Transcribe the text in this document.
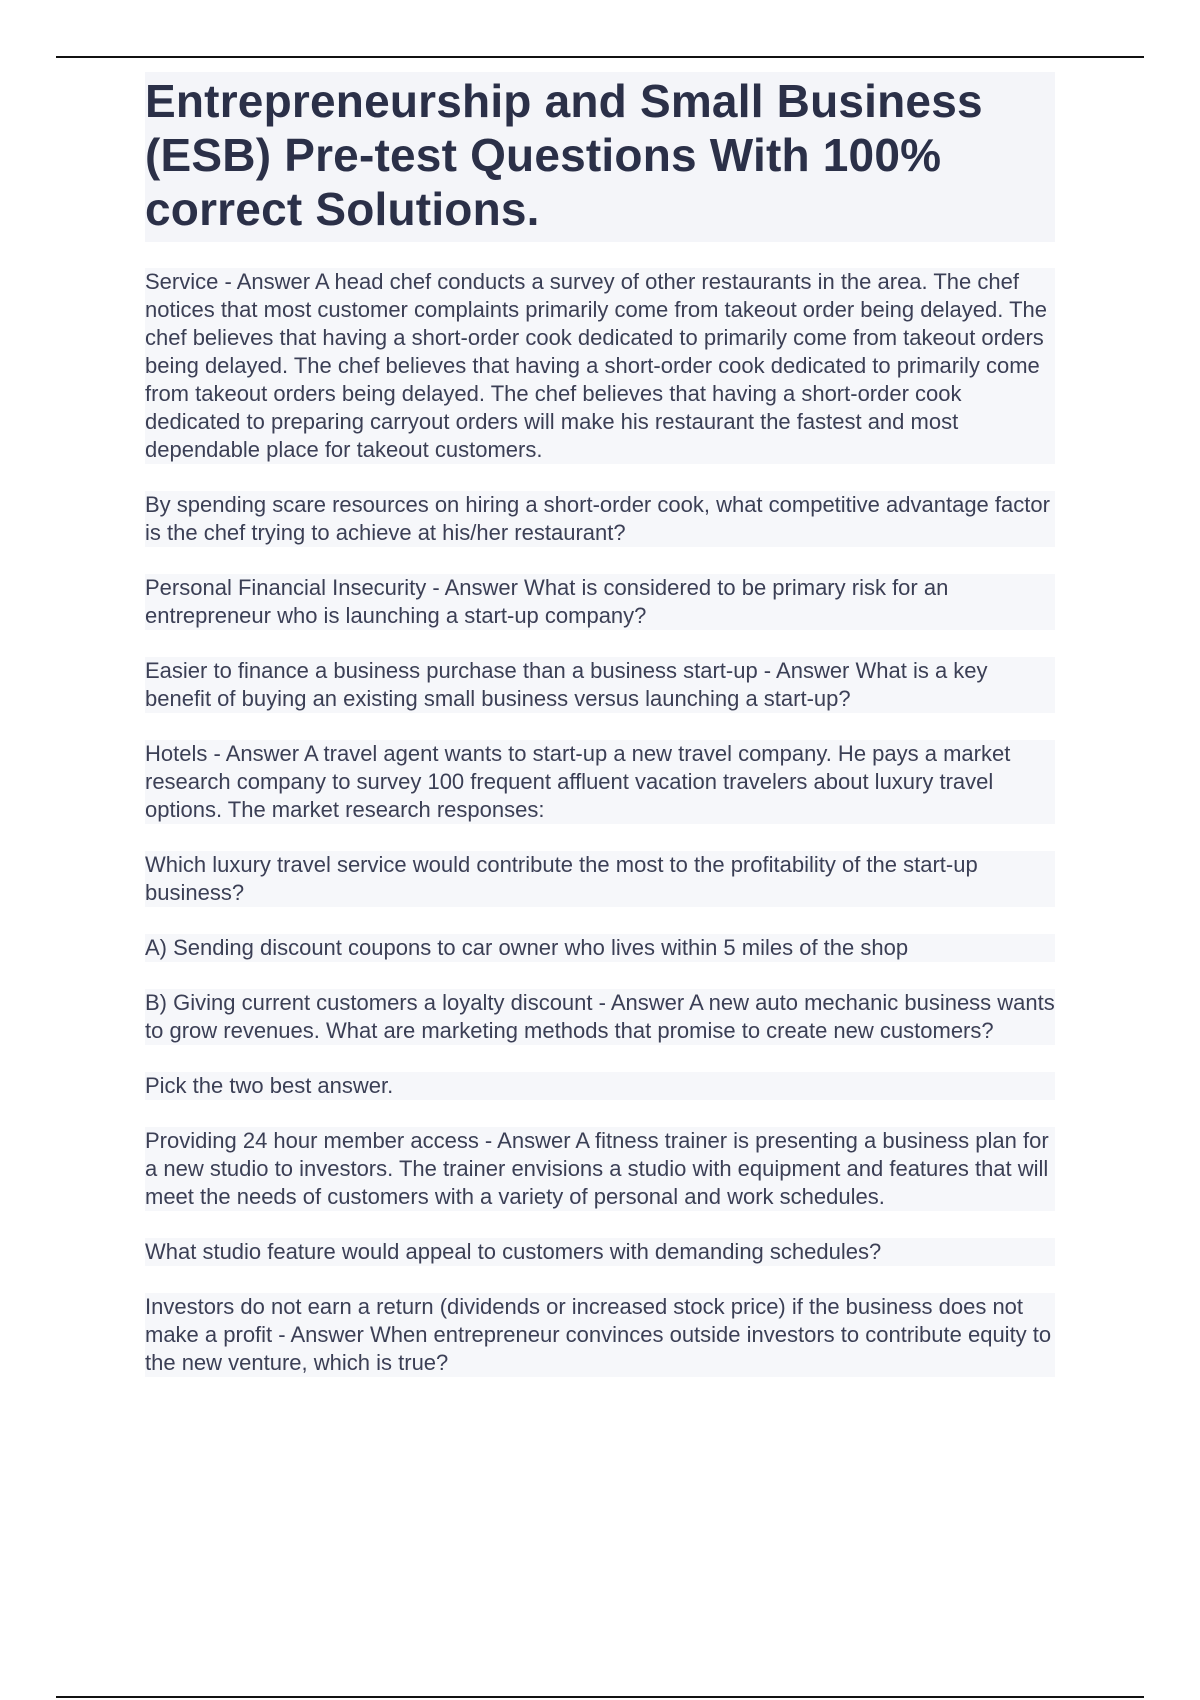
Entrepreneurship and Small Business (ESB) Pre-test Questions With 100% correct Solutions.

Service - Answer A head chef conducts a survey of other restaurants in the area. The chef notices that most customer complaints primarily come from takeout order being delayed. The chef believes that having a short-order cook dedicated to primarily come from takeout orders being delayed. The chef believes that having a short-order cook dedicated to primarily come from takeout orders being delayed. The chef believes that having a short-order cook dedicated to preparing carryout orders will make his restaurant the fastest and most dependable place for takeout customers.

By spending scare resources on hiring a short-order cook, what competitive advantage factor is the chef trying to achieve at his/her restaurant?

Personal Financial Insecurity - Answer What is considered to be primary risk for an entrepreneur who is launching a start-up company?

Easier to finance a business purchase than a business start-up - Answer What is a key benefit of buying an existing small business versus launching a start-up?

Hotels - Answer A travel agent wants to start-up a new travel company. He pays a market research company to survey 100 frequent affluent vacation travelers about luxury travel options. The market research responses:

Which luxury travel service would contribute the most to the profitability of the start-up business?

A) Sending discount coupons to car owner who lives within 5 miles of the shop

B) Giving current customers a loyalty discount - Answer A new auto mechanic business wants to grow revenues. What are marketing methods that promise to create new customers?

Pick the two best answer.

Providing 24 hour member access - Answer A fitness trainer is presenting a business plan for a new studio to investors. The trainer envisions a studio with equipment and features that will meet the needs of customers with a variety of personal and work schedules.

What studio feature would appeal to customers with demanding schedules?

Investors do not earn a return (dividends or increased stock price) if the business does not make a profit - Answer When entrepreneur convinces outside investors to contribute equity to the new venture, which is true?
